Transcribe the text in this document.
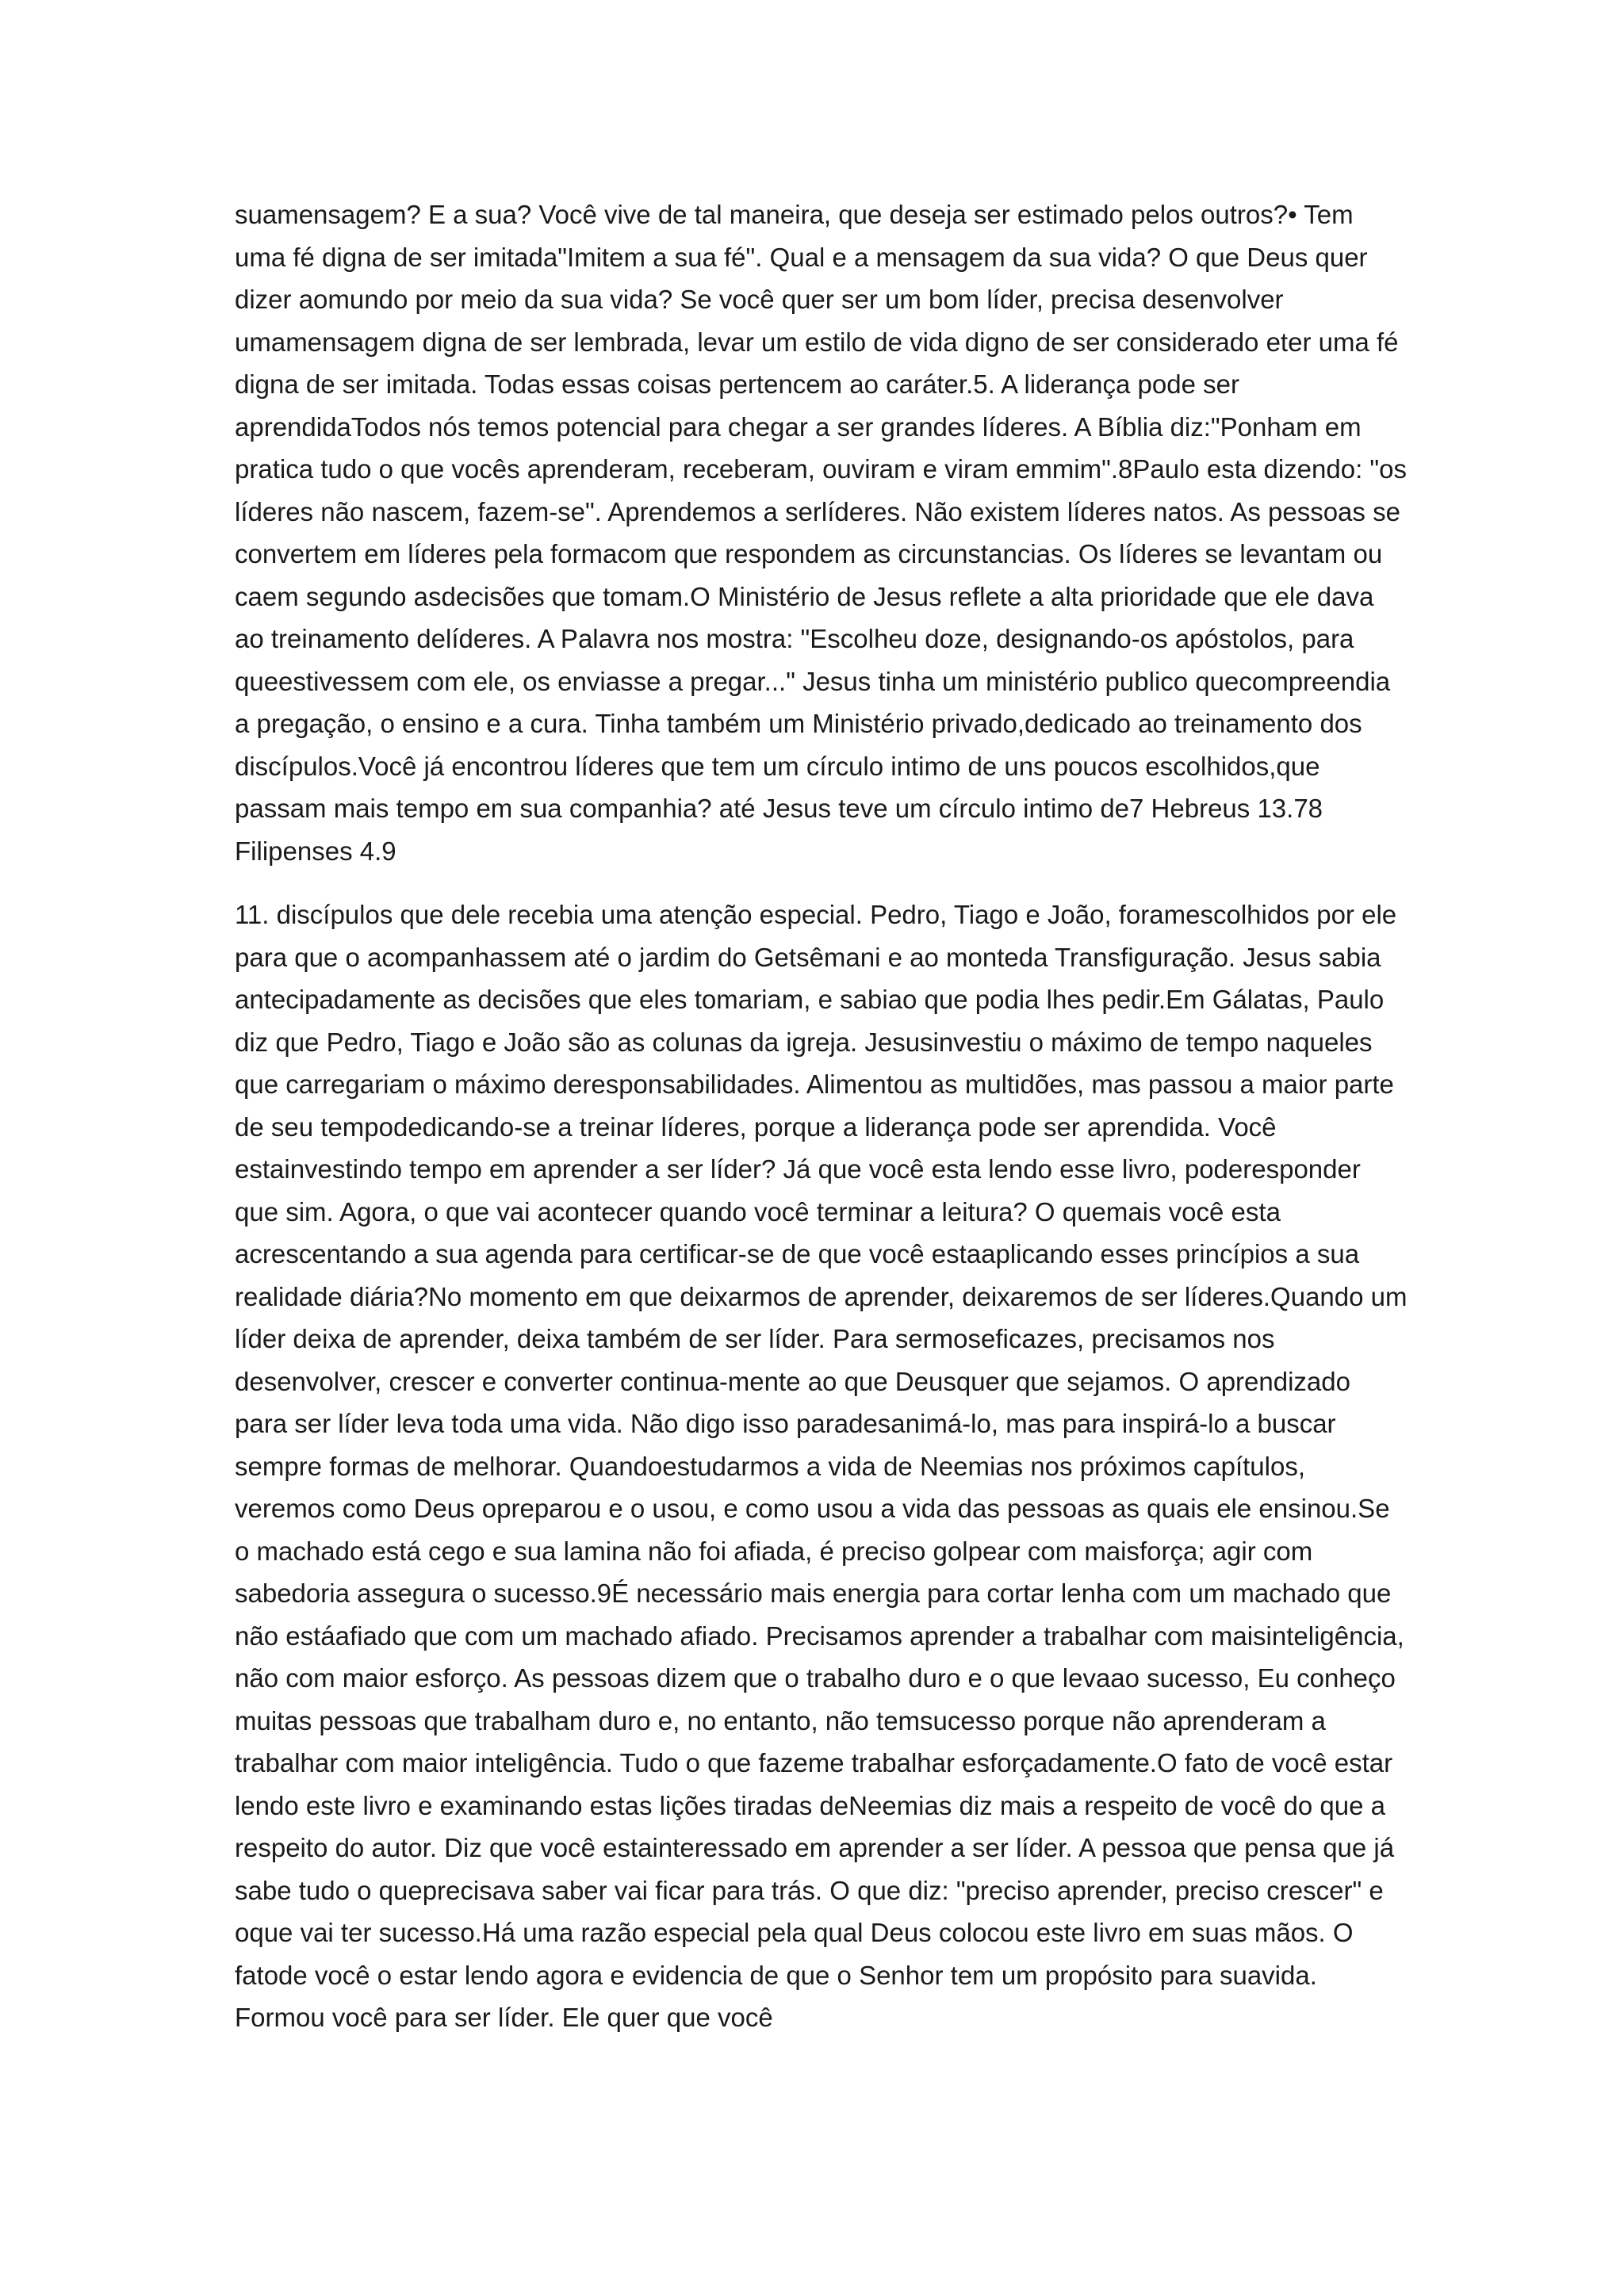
suamensagem? E a sua? Você vive de tal maneira, que deseja ser estimado pelos outros?• Tem uma fé digna de ser imitada"Imitem a sua fé". Qual e a mensagem da sua vida? O que Deus quer dizer aomundo por meio da sua vida? Se você quer ser um bom líder, precisa desenvolver umamensagem digna de ser lembrada, levar um estilo de vida digno de ser considerado eter uma fé digna de ser imitada. Todas essas coisas pertencem ao caráter.5. A liderança pode ser aprendidaTodos nós temos potencial para chegar a ser grandes líderes. A Bíblia diz:"Ponham em pratica tudo o que vocês aprenderam, receberam, ouviram e viram emmim".8Paulo esta dizendo: "os líderes não nascem, fazem-se". Aprendemos a serlíderes. Não existem líderes natos. As pessoas se convertem em líderes pela formacom que respondem as circunstancias. Os líderes se levantam ou caem segundo asdecisões que tomam.O Ministério de Jesus reflete a alta prioridade que ele dava ao treinamento delíderes. A Palavra nos mostra: "Escolheu doze, designando-os apóstolos, para queestivessem com ele, os enviasse a pregar..." Jesus tinha um ministério publico quecompreendia a pregação, o ensino e a cura. Tinha também um Ministério privado,dedicado ao treinamento dos discípulos.Você já encontrou líderes que tem um círculo intimo de uns poucos escolhidos,que passam mais tempo em sua companhia? até Jesus teve um círculo intimo de7 Hebreus 13.78 Filipenses 4.9

11. discípulos que dele recebia uma atenção especial. Pedro, Tiago e João, foramescolhidos por ele para que o acompanhassem até o jardim do Getsêmani e ao monteda Transfiguração. Jesus sabia antecipadamente as decisões que eles tomariam, e sabiao que podia lhes pedir.Em Gálatas, Paulo diz que Pedro, Tiago e João são as colunas da igreja. Jesusinvestiu o máximo de tempo naqueles que carregariam o máximo deresponsabilidades. Alimentou as multidões, mas passou a maior parte de seu tempodedicando-se a treinar líderes, porque a liderança pode ser aprendida. Você estainvestindo tempo em aprender a ser líder? Já que você esta lendo esse livro, poderesponder que sim. Agora, o que vai acontecer quando você terminar a leitura? O quemais você esta acrescentando a sua agenda para certificar-se de que você estaaplicando esses princípios a sua realidade diária?No momento em que deixarmos de aprender, deixaremos de ser líderes.Quando um líder deixa de aprender, deixa também de ser líder. Para sermoseficazes, precisamos nos desenvolver, crescer e converter continua-mente ao que Deusquer que sejamos. O aprendizado para ser líder leva toda uma vida. Não digo isso paradesanimá-lo, mas para inspirá-lo a buscar sempre formas de melhorar. Quandoestudarmos a vida de Neemias nos próximos capítulos, veremos como Deus opreparou e o usou, e como usou a vida das pessoas as quais ele ensinou.Se o machado está cego e sua lamina não foi afiada, é preciso golpear com maisforça; agir com sabedoria assegura o sucesso.9É necessário mais energia para cortar lenha com um machado que não estáafiado que com um machado afiado. Precisamos aprender a trabalhar com maisinteligência, não com maior esforço. As pessoas dizem que o trabalho duro e o que levaao sucesso, Eu conheço muitas pessoas que trabalham duro e, no entanto, não temsucesso porque não aprenderam a trabalhar com maior inteligência. Tudo o que fazeme trabalhar esforçadamente.O fato de você estar lendo este livro e examinando estas lições tiradas deNeemias diz mais a respeito de você do que a respeito do autor. Diz que você estainteressado em aprender a ser líder. A pessoa que pensa que já sabe tudo o queprecisava saber vai ficar para trás. O que diz: "preciso aprender, preciso crescer" e oque vai ter sucesso.Há uma razão especial pela qual Deus colocou este livro em suas mãos. O fatode você o estar lendo agora e evidencia de que o Senhor tem um propósito para suavida. Formou você para ser líder. Ele quer que você
